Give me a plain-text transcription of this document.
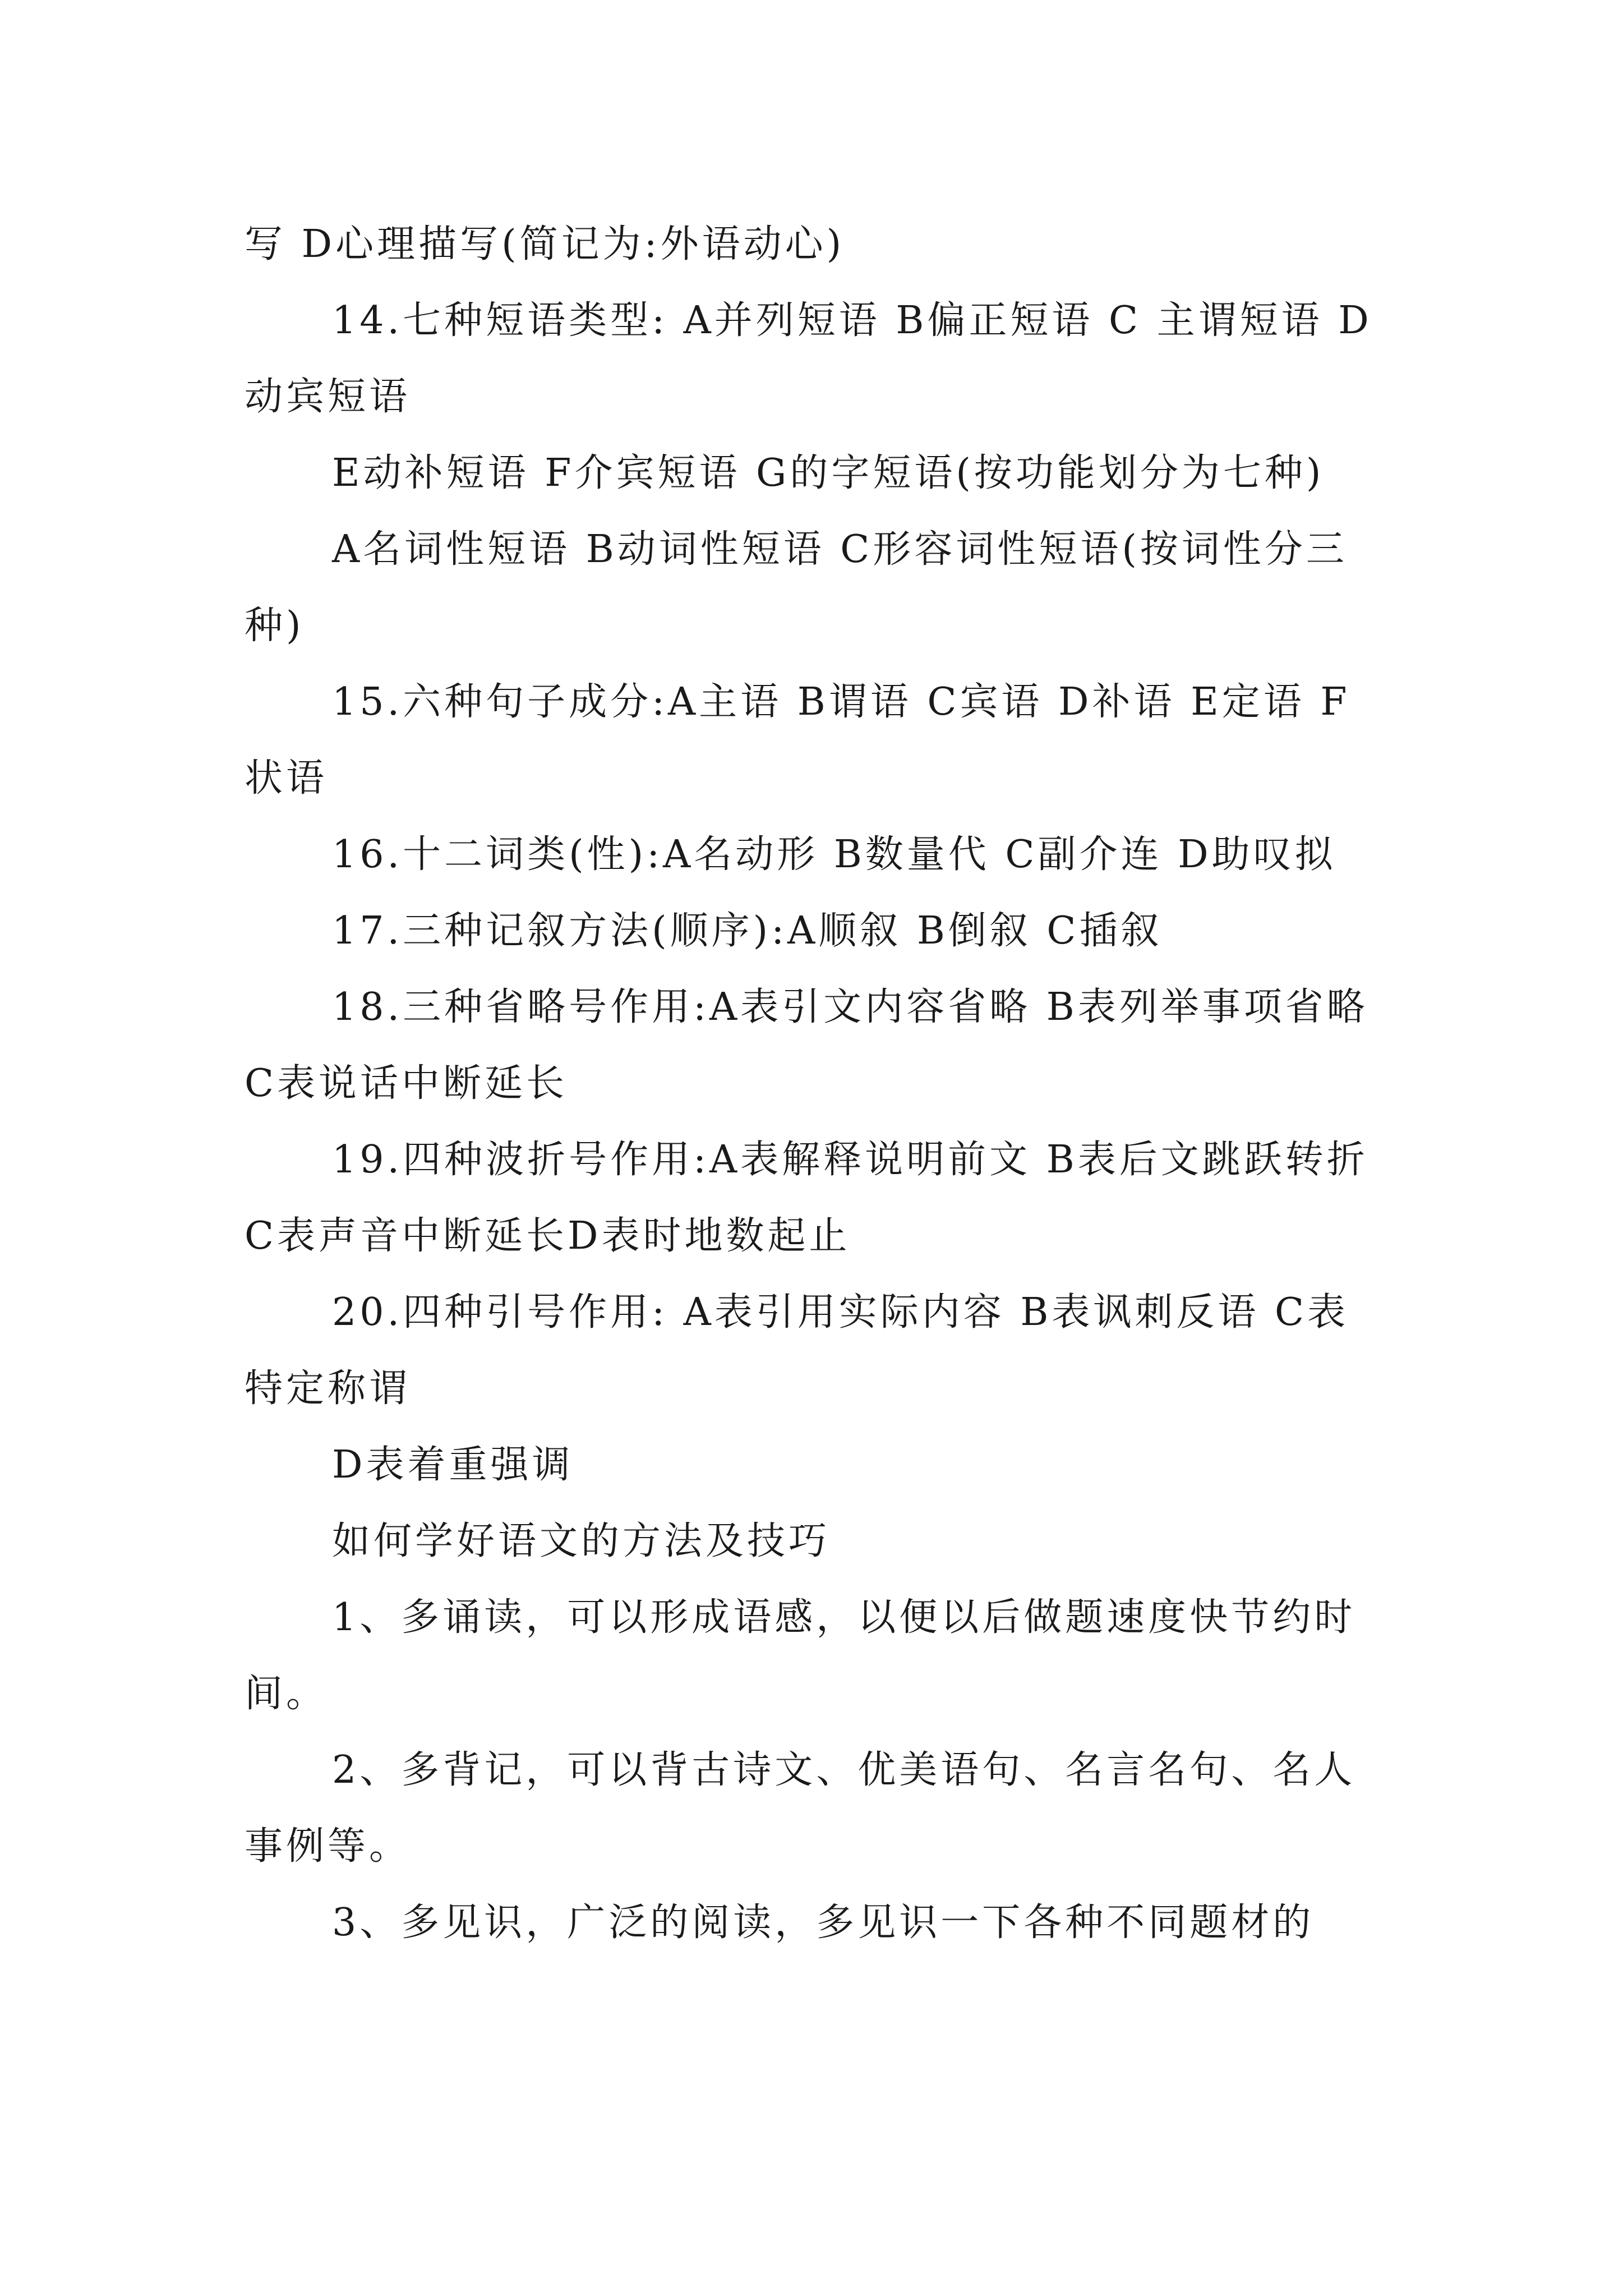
写 D心理描写(简记为:外语动心)

14.七种短语类型: A并列短语 B偏正短语 C 主谓短语 D动宾短语

E动补短语 F介宾短语 G的字短语(按功能划分为七种)

A名词性短语 B动词性短语 C形容词性短语(按词性分三种)

15.六种句子成分:A主语 B谓语 C宾语 D补语 E定语 F状语

16.十二词类(性):A名动形 B数量代 C副介连 D助叹拟

17.三种记叙方法(顺序):A顺叙 B倒叙 C插叙

18.三种省略号作用:A表引文内容省略 B表列举事项省略 C表说话中断延长

19.四种波折号作用:A表解释说明前文 B表后文跳跃转折 C表声音中断延长D表时地数起止

20.四种引号作用: A表引用实际内容 B表讽刺反语 C表特定称谓

D表着重强调

如何学好语文的方法及技巧

1、多诵读，可以形成语感，以便以后做题速度快节约时间。

2、多背记，可以背古诗文、优美语句、名言名句、名人事例等。

3、多见识，广泛的阅读，多见识一下各种不同题材的
